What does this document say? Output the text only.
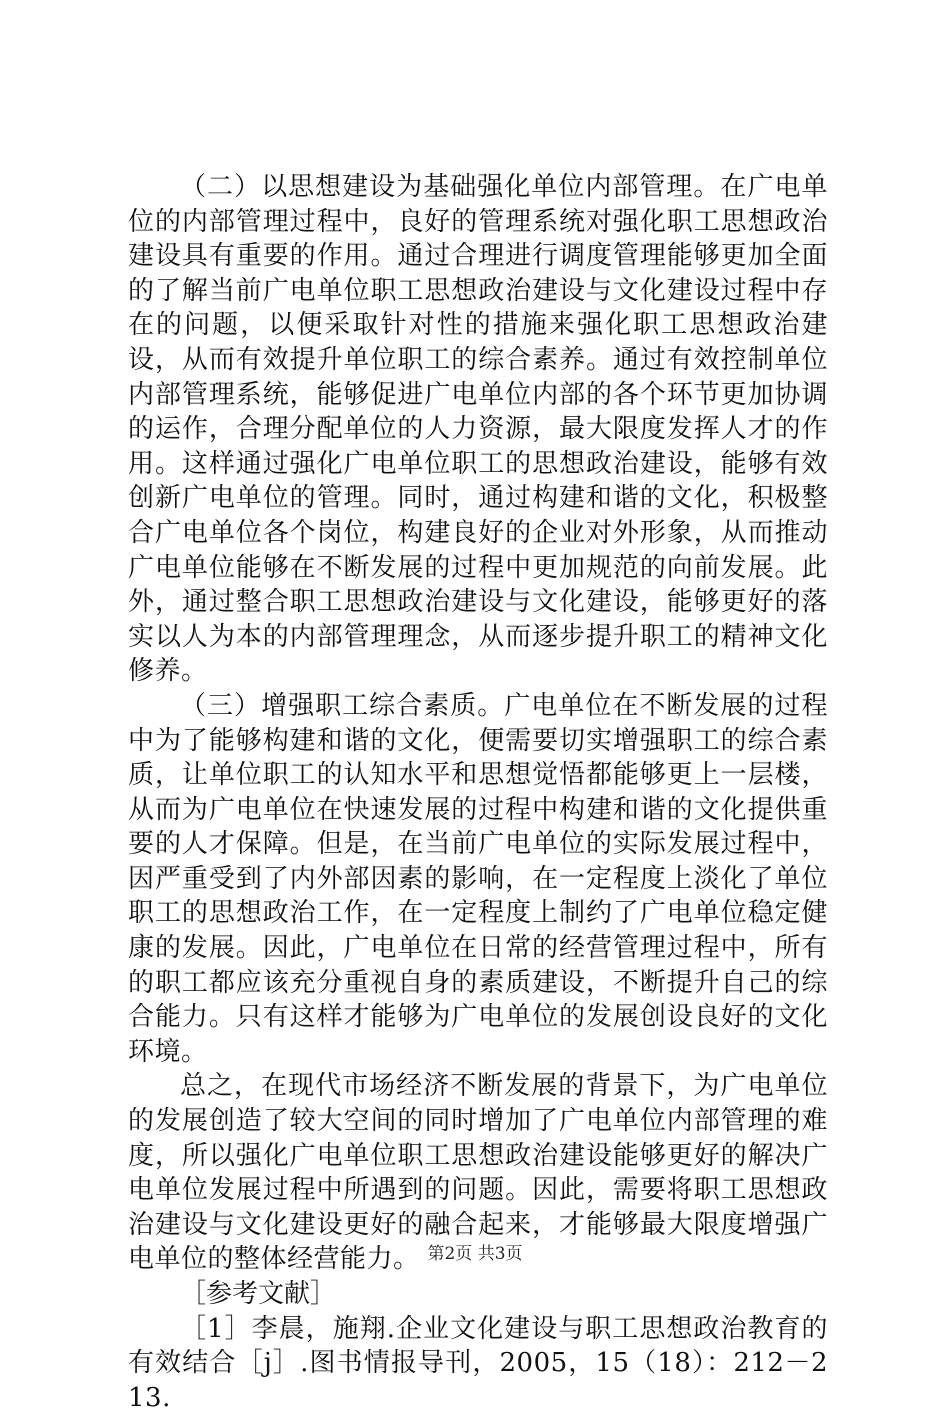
（二）以思想建设为基础强化单位内部管理。在广电单位的内部管理过程中，良好的管理系统对强化职工思想政治建设具有重要的作用。通过合理进行调度管理能够更加全面的了解当前广电单位职工思想政治建设与文化建设过程中存在的问题，以便采取针对性的措施来强化职工思想政治建设，从而有效提升单位职工的综合素养。通过有效控制单位内部管理系统，能够促进广电单位内部的各个环节更加协调的运作，合理分配单位的人力资源，最大限度发挥人才的作用。这样通过强化广电单位职工的思想政治建设，能够有效创新广电单位的管理。同时，通过构建和谐的文化，积极整合广电单位各个岗位，构建良好的企业对外形象，从而推动广电单位能够在不断发展的过程中更加规范的向前发展。此外，通过整合职工思想政治建设与文化建设，能够更好的落实以人为本的内部管理理念，从而逐步提升职工的精神文化修养。

（三）增强职工综合素质。广电单位在不断发展的过程中为了能够构建和谐的文化，便需要切实增强职工的综合素质，让单位职工的认知水平和思想觉悟都能够更上一层楼，从而为广电单位在快速发展的过程中构建和谐的文化提供重要的人才保障。但是，在当前广电单位的实际发展过程中，因严重受到了内外部因素的影响，在一定程度上淡化了单位职工的思想政治工作，在一定程度上制约了广电单位稳定健康的发展。因此，广电单位在日常的经营管理过程中，所有的职工都应该充分重视自身的素质建设，不断提升自己的综合能力。只有这样才能够为广电单位的发展创设良好的文化环境。

总之，在现代市场经济不断发展的背景下，为广电单位的发展创造了较大空间的同时增加了广电单位内部管理的难度，所以强化广电单位职工思想政治建设能够更好的解决广电单位发展过程中所遇到的问题。因此，需要将职工思想政治建设与文化建设更好的融合起来，才能够最大限度增强广电单位的整体经营能力。

［参考文献］

［1］李晨，施翔.企业文化建设与职工思想政治教育的有效结合［j］.图书情报导刊，2005，15（18）：212－213.

第2页 共3页
